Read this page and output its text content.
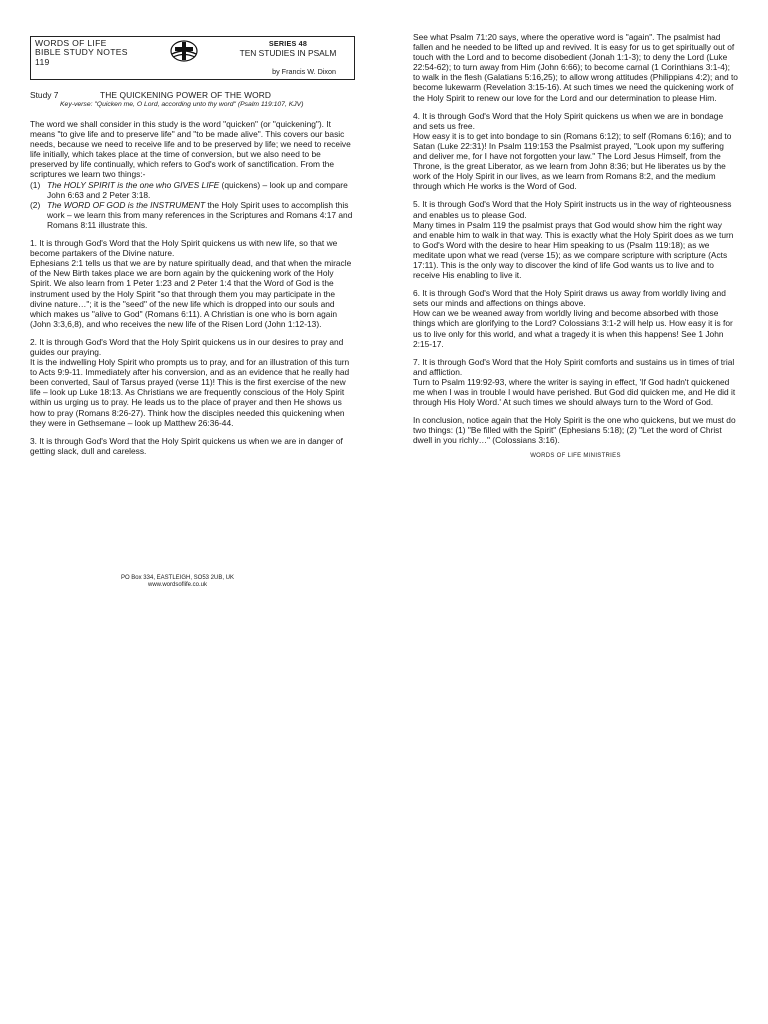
WORDS OF LIFE
BIBLE STUDY NOTES
119
SERIES 48
TEN STUDIES IN PSALM
by Francis W. Dixon
Study 7	THE QUICKENING POWER OF THE WORD

Key-verse: "Quicken me, O Lord, according unto thy word" (Psalm 119:107, KJV)

The word we shall consider in this study is the word "quicken" (or "quickening"). It means "to give life and to preserve life" and "to be made alive". This covers our basic needs, because we need to receive life and to be preserved by life; we need to receive life initially, which takes place at the time of conversion, but we also need to be preserved by life continually, which refers to God's work of sanctification. From the scriptures we learn two things:-

(1) The HOLY SPIRIT is the one who GIVES LIFE (quickens) – look up and compare John 6:63 and 2 Peter 3:18.
(2) The WORD OF GOD is the INSTRUMENT the Holy Spirit uses to accomplish this work – we learn this from many references in the Scriptures and Romans 4:17 and Romans 8:11 illustrate this.

1. It is through God's Word that the Holy Spirit quickens us with new life, so that we become partakers of the Divine nature.

Ephesians 2:1 tells us that we are by nature spiritually dead, and that when the miracle of the New Birth takes place we are born again by the quickening work of the Holy Spirit. We also learn from 1 Peter 1:23 and 2 Peter 1:4 that the Word of God is the instrument used by the Holy Spirit "so that through them you may participate in the divine nature…"; it is the "seed" of the new life which is dropped into our souls and which makes us "alive to God" (Romans 6:11). A Christian is one who is born again (John 3:3,6,8), and who receives the new life of the Risen Lord (John 1:12-13).

2. It is through God's Word that the Holy Spirit quickens us in our desires to pray and guides our praying.

It is the indwelling Holy Spirit who prompts us to pray, and for an illustration of this turn to Acts 9:9-11. Immediately after his conversion, and as an evidence that he really had been converted, Saul of Tarsus prayed (verse 11)! This is the first exercise of the new life – look up Luke 18:13. As Christians we are frequently conscious of the Holy Spirit within us urging us to pray. He leads us to the place of prayer and then He shows us how to pray (Romans 8:26-27). Think how the disciples needed this quickening when they were in Gethsemane – look up Matthew 26:36-44.

3. It is through God's Word that the Holy Spirit quickens us when we are in danger of getting slack, dull and careless.

PO Box 334, EASTLEIGH, SO53 2UB, UK
www.wordsoflife.co.uk

See what Psalm 71:20 says, where the operative word is "again". The psalmist had fallen and he needed to be lifted up and revived. It is easy for us to get spiritually out of touch with the Lord and to become disobedient (Jonah 1:1-3); to deny the Lord (Luke 22:54-62); to turn away from Him (John 6:66); to become carnal (1 Corinthians 3:1-4); to walk in the flesh (Galatians 5:16,25); to allow wrong attitudes (Philippians 4:2); and to become lukewarm (Revelation 3:15-16). At such times we need the quickening work of the Holy Spirit to renew our love for the Lord and our determination to please Him.

4. It is through God's Word that the Holy Spirit quickens us when we are in bondage and sets us free.

How easy it is to get into bondage to sin (Romans 6:12); to self (Romans 6:16); and to Satan (Luke 22:31)! In Psalm 119:153 the Psalmist prayed, "Look upon my suffering and deliver me, for I have not forgotten your law." The Lord Jesus Himself, from the Throne, is the great Liberator, as we learn from John 8:36; but He liberates us by the work of the Holy Spirit in our lives, as we learn from Romans 8:2, and the medium through which He works is the Word of God.

5. It is through God's Word that the Holy Spirit instructs us in the way of righteousness and enables us to please God.

Many times in Psalm 119 the psalmist prays that God would show him the right way and enable him to walk in that way. This is exactly what the Holy Spirit does as we turn to God's Word with the desire to hear Him speaking to us (Psalm 119:18); as we meditate upon what we read (verse 15); as we compare scripture with scripture (Acts 17:11). This is the only way to discover the kind of life God wants us to live and to receive His enabling to live it.

6. It is through God's Word that the Holy Spirit draws us away from worldly living and sets our minds and affections on things above.

How can we be weaned away from worldly living and become absorbed with those things which are glorifying to the Lord? Colossians 3:1-2 will help us. How easy it is for us to live only for this world, and what a tragedy it is when this happens! See 1 John 2:15-17.

7. It is through God's Word that the Holy Spirit comforts and sustains us in times of trial and affliction.

Turn to Psalm 119:92-93, where the writer is saying in effect, 'If God hadn't quickened me when I was in trouble I would have perished. But God did quicken me, and He did it through His Holy Word.' At such times we should always turn to the Word of God.

In conclusion, notice again that the Holy Spirit is the one who quickens, but we must do two things: (1) "Be filled with the Spirit" (Ephesians 5:18); (2) "Let the word of Christ dwell in you richly…" (Colossians 3:16).

WORDS OF LIFE MINISTRIES
